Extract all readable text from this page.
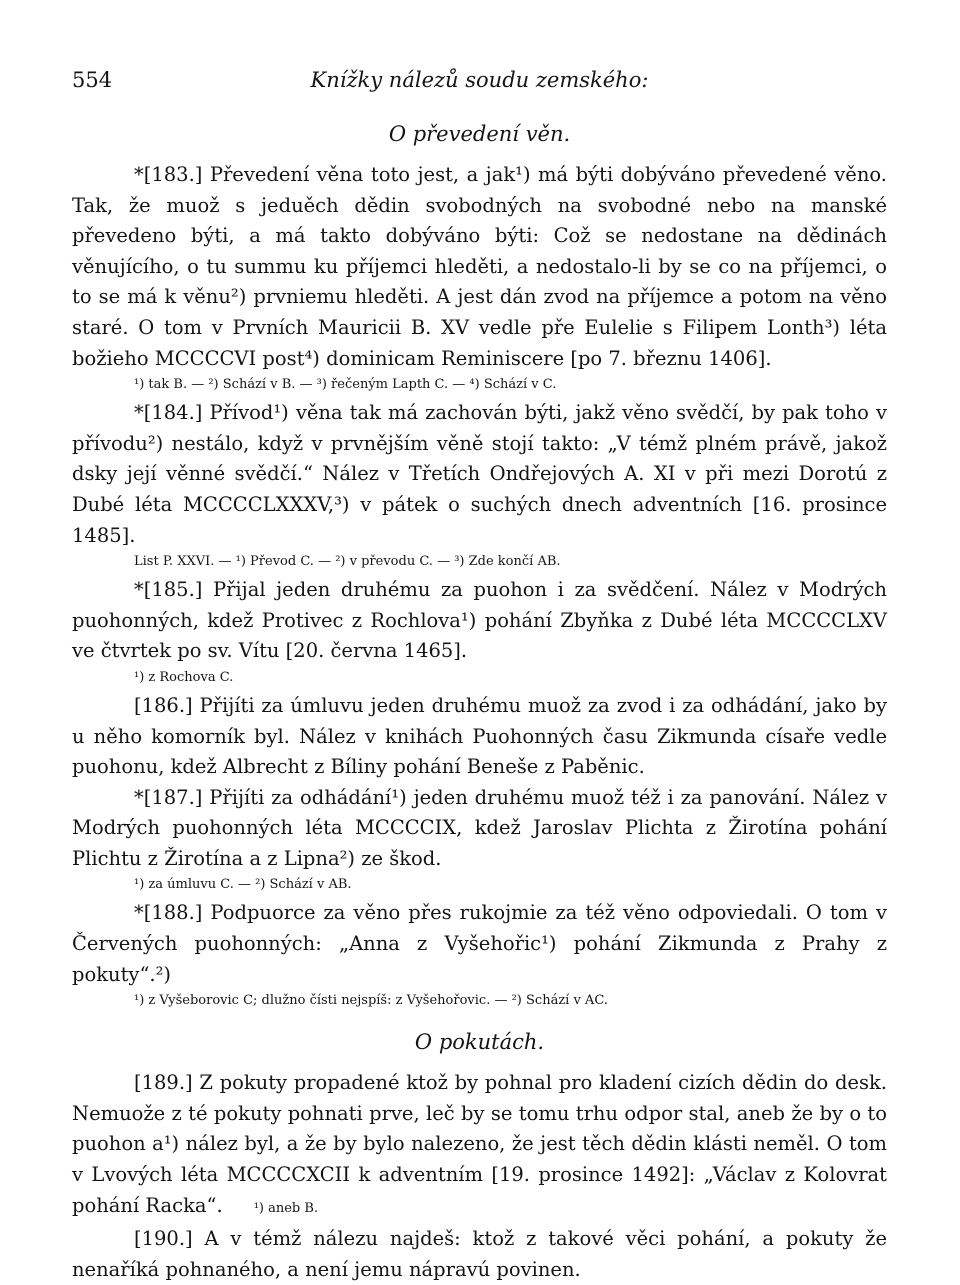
554	Knížky nálezů soudu zemského:
O převedení věn.

*[183.] Převedení věna toto jest, a jak¹) má býti dobýváno převedené věno. Tak, že muož s jeduěch dědin svobodných na svobodné nebo na manské převedeno býti, a má takto dobýváno býti: Což se nedostane na dědinách věnujícího, o tu summu ku příjemci hleděti, a nedostalo-li by se co na příjemci, o to se má k věnu²) prvniemu hleděti. A jest dán zvod na příjemce a potom na věno staré. O tom v Prvních Mauricii B. XV vedle pře Eulelie s Filipem Lonth³) léta božieho MCCCCVI post⁴) dominicam Reminiscere [po 7. březnu 1406].

¹) tak B. — ²) Schází v B. — ³) řečeným Lapth C. — ⁴) Schází v C.

*[184.] Přívod¹) věna tak má zachován býti, jakž věno svědčí, by pak toho v přívodu²) nestálo, když v prvnějším věně stojí takto: „V témž plném právě, jakož dsky její věnné svědčí.“ Nález v Třetích Ondřejových A. XI v při mezi Dorotú z Dubé léta MCCCCLXXXV,³) v pátek o suchých dnech adventních [16. prosince 1485].

List P. XXVI. — ¹) Převod C. — ²) v převodu C. — ³) Zde končí AB.

*[185.] Přijal jeden druhému za puohon i za svědčení. Nález v Modrých puohonných, kdež Protivec z Rochlova¹) pohání Zbyňka z Dubé léta MCCCCLXV ve čtvrtek po sv. Vítu [20. června 1465].

¹) z Rochova C.

[186.] Přijíti za úmluvu jeden druhému muož za zvod i za odhádání, jako by u něho komorník byl. Nález v knihách Puohonných času Zikmunda císaře vedle puohonu, kdež Albrecht z Bíliny pohání Beneše z Paběnic.

*[187.] Přijíti za odhádání¹) jeden druhému muož též i za panování. Nález v Modrých puohonných léta MCCCCIX, kdež Jaroslav Plichta z Žirotína pohání Plichtu z Žirotína a z Lipna²) ze škod.

¹) za úmluvu C. — ²) Schází v AB.

*[188.] Podpuorce za věno přes rukojmie za též věno odpoviedali. O tom v Červených puohonných: „Anna z Vyšehořic¹) pohání Zikmunda z Prahy z pokuty“.²)

¹) z Vyšeborovic C; dlužno čísti nejspíš: z Vyšehořovic. — ²) Schází v AC.

O pokutách.

[189.] Z pokuty propadené ktož by pohnal pro kladení cizích dědin do desk. Nemuože z té pokuty pohnati prve, leč by se tomu trhu odpor stal, aneb že by o to puohon a¹) nález byl, a že by bylo nalezeno, že jest těch dědin klásti neměl. O tom v Lvových léta MCCCCXCII k adventním [19. prosince 1492]: „Václav z Kolovrat pohání Racka“. ¹) aneb B.

[190.] A v témž nálezu najdeš: ktož z takové věci pohání, a pokuty že nenaříká pohnaného, a není jemu nápravú povinen.
